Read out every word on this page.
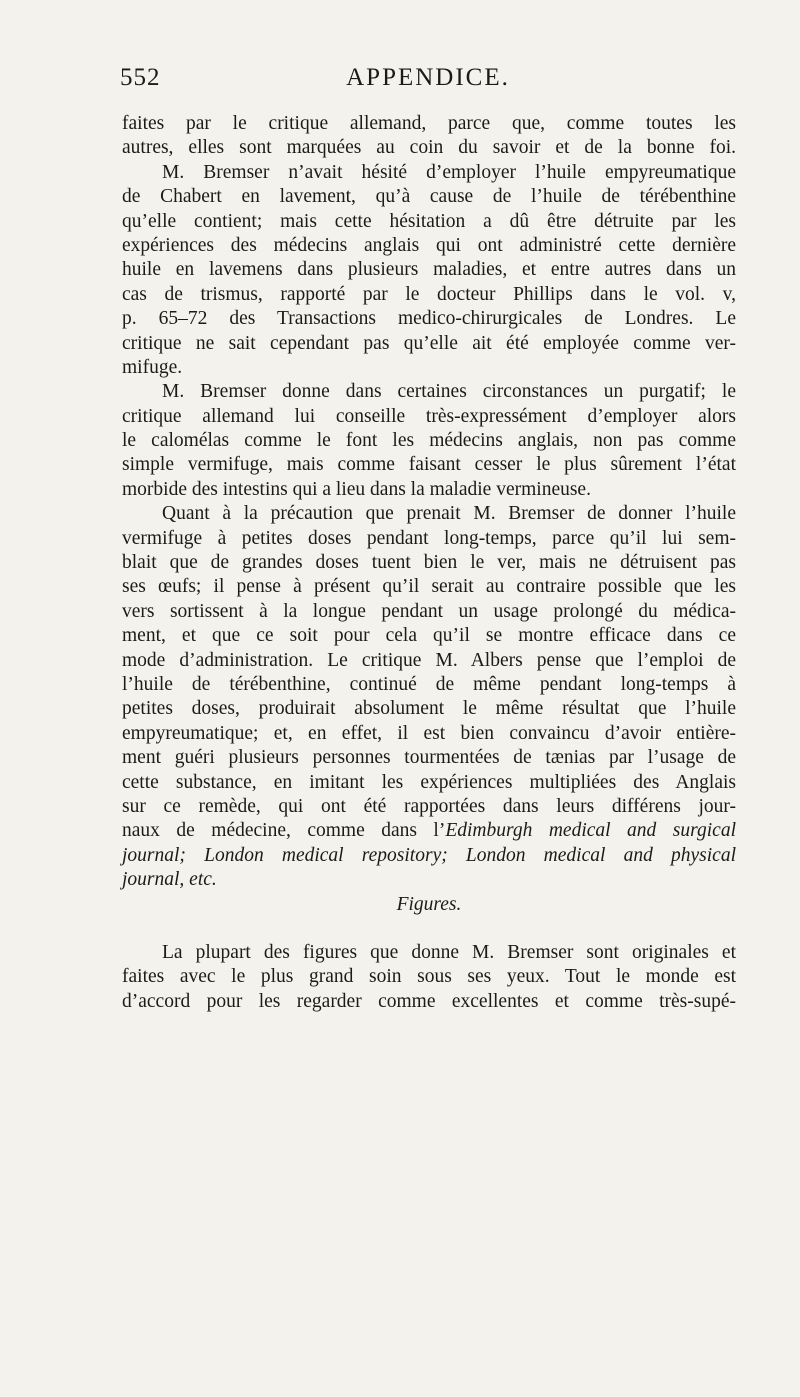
552	APPENDICE.
faites par le critique allemand, parce que, comme toutes les
autres, elles sont marquées au coin du savoir et de la bonne foi.
M. Bremser n’avait hésité d’employer l’huile empyreumatique
de Chabert en lavement, qu’à cause de l’huile de térébenthine
qu’elle contient; mais cette hésitation a dû être détruite par les
expériences des médecins anglais qui ont administré cette dernière
huile en lavemens dans plusieurs maladies, et entre autres dans un
cas de trismus, rapporté par le docteur Phillips dans le vol. v,
p. 65–72 des Transactions medico-chirurgicales de Londres. Le
critique ne sait cependant pas qu’elle ait été employée comme ver-
mifuge.
M. Bremser donne dans certaines circonstances un purgatif; le
critique allemand lui conseille très-expressément d’employer alors
le calomélas comme le font les médecins anglais, non pas comme
simple vermifuge, mais comme faisant cesser le plus sûrement l’état
morbide des intestins qui a lieu dans la maladie vermineuse.
Quant à la précaution que prenait M. Bremser de donner l’huile
vermifuge à petites doses pendant long-temps, parce qu’il lui sem-
blait que de grandes doses tuent bien le ver, mais ne détruisent pas
ses œufs; il pense à présent qu’il serait au contraire possible que les
vers sortissent à la longue pendant un usage prolongé du médica-
ment, et que ce soit pour cela qu’il se montre efficace dans ce
mode d’administration. Le critique M. Albers pense que l’emploi de
l’huile de térébenthine, continué de même pendant long-temps à
petites doses, produirait absolument le même résultat que l’huile
empyreumatique; et, en effet, il est bien convaincu d’avoir entière-
ment guéri plusieurs personnes tourmentées de tænias par l’usage de
cette substance, en imitant les expériences multipliées des Anglais
sur ce remède, qui ont été rapportées dans leurs différens jour-
naux de médecine, comme dans l’Edimburgh medical and surgical
journal; London medical repository; London medical and physical
journal, etc.
Figures.
La plupart des figures que donne M. Bremser sont originales et
faites avec le plus grand soin sous ses yeux. Tout le monde est
d’accord pour les regarder comme excellentes et comme très-supé-
